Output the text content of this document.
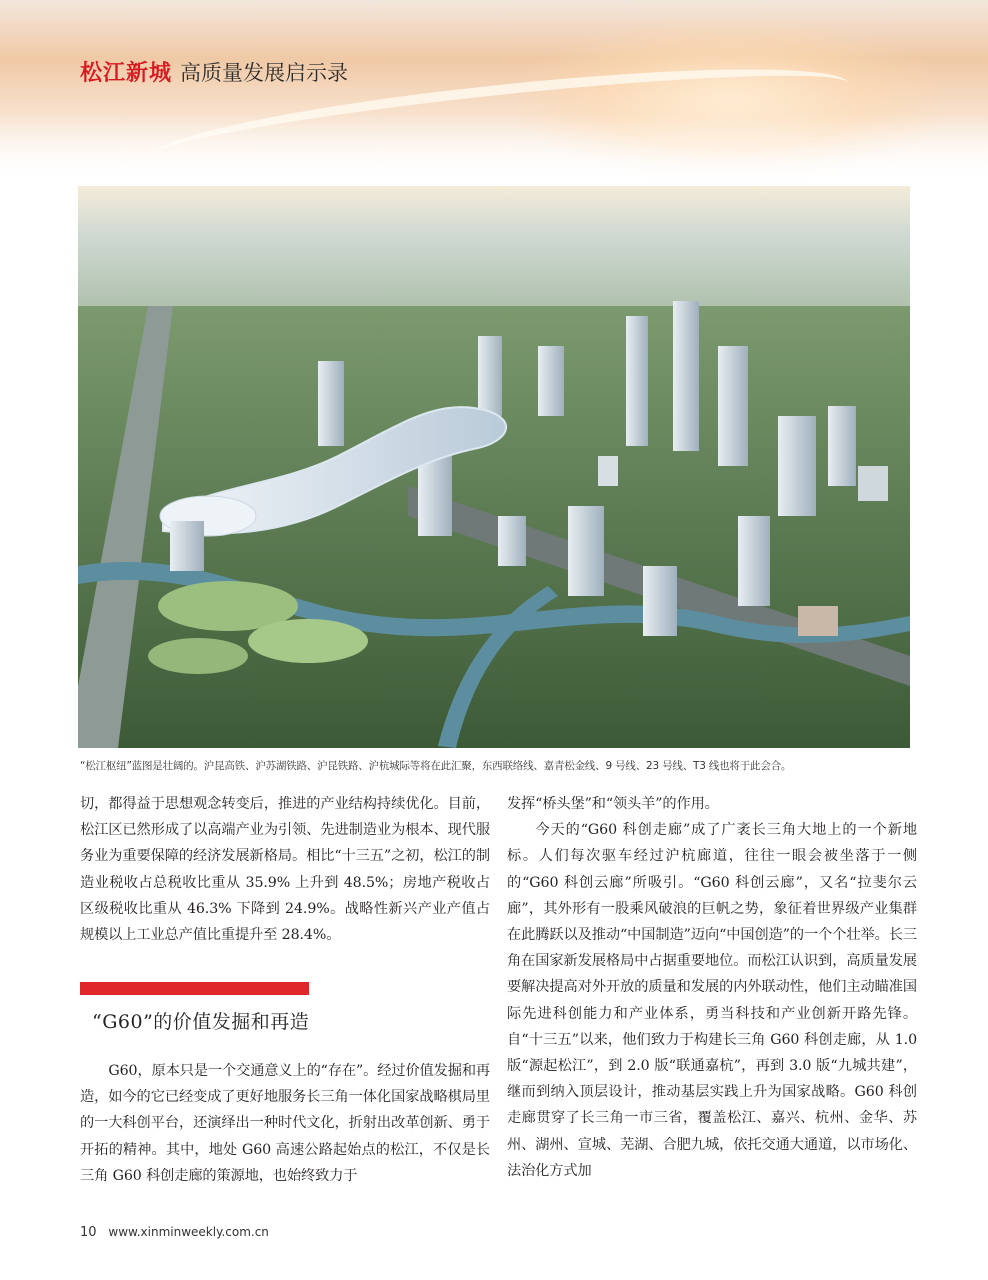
松江新城 高质量发展启示录
“松江枢纽”蓝图是壮阔的。沪昆高铁、沪苏湖铁路、沪昆铁路、沪杭城际等将在此汇聚，东西联络线、嘉青松金线、9 号线、23 号线、T3 线也将于此会合。

切，都得益于思想观念转变后，推进的产业结构持续优化。目前，松江区已然形成了以高端产业为引领、先进制造业为根本、现代服务业为重要保障的经济发展新格局。相比“十三五”之初，松江的制造业税收占总税收比重从 35.9% 上升到 48.5%；房地产税收占区级税收比重从 46.3% 下降到 24.9%。战略性新兴产业产值占规模以上工业总产值比重提升至 28.4%。

“G60”的价值发掘和再造

G60，原本只是一个交通意义上的“存在”。经过价值发掘和再造，如今的它已经变成了更好地服务长三角一体化国家战略棋局里的一大科创平台，还演绎出一种时代文化，折射出改革创新、勇于开拓的精神。其中，地处 G60 高速公路起始点的松江，不仅是长三角 G60 科创走廊的策源地，也始终致力于

发挥“桥头堡”和“领头羊”的作用。

今天的“G60 科创走廊”成了广袤长三角大地上的一个新地标。人们每次驱车经过沪杭廊道，往往一眼会被坐落于一侧的“G60 科创云廊”所吸引。“G60 科创云廊”，又名“拉斐尔云廊”，其外形有一股乘风破浪的巨帆之势，象征着世界级产业集群在此腾跃以及推动“中国制造”迈向“中国创造”的一个个壮举。长三角在国家新发展格局中占据重要地位。而松江认识到，高质量发展要解决提高对外开放的质量和发展的内外联动性，他们主动瞄准国际先进科创能力和产业体系，勇当科技和产业创新开路先锋。自“十三五”以来，他们致力于构建长三角 G60 科创走廊，从 1.0 版“源起松江”，到 2.0 版“联通嘉杭”，再到 3.0 版“九城共建”，继而到纳入顶层设计，推动基层实践上升为国家战略。G60 科创走廊贯穿了长三角一市三省，覆盖松江、嘉兴、杭州、金华、苏州、湖州、宣城、芜湖、合肥九城，依托交通大通道，以市场化、法治化方式加

10 www.xinminweekly.com.cn
